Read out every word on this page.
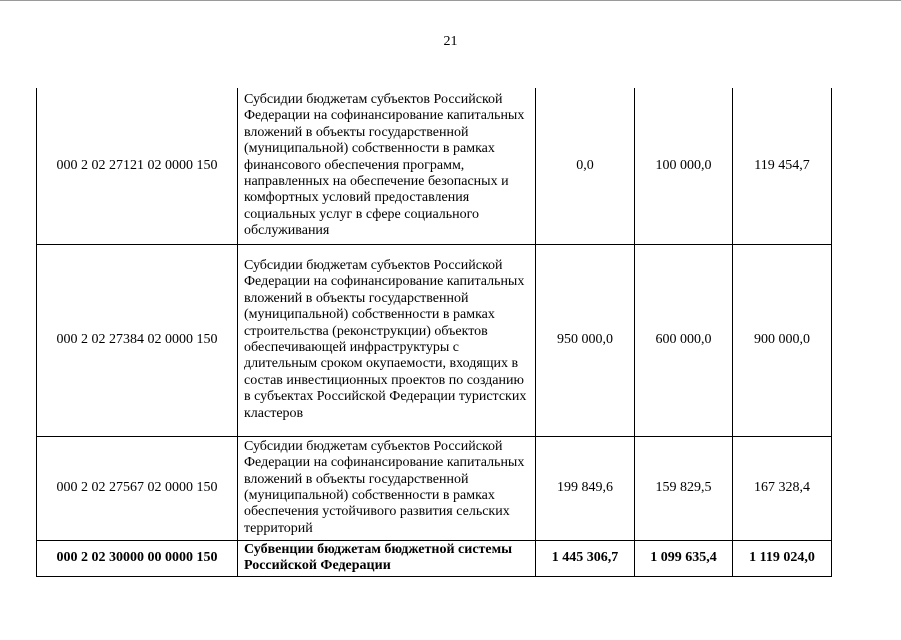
21
000 2 02 27121 02 0000 150	Субсидии бюджетам субъектов Российской Федерации на софинансирование капитальных вложений в объекты государственной (муниципальной) собственности в рамках финансового обеспечения программ, направленных на обеспечение безопасных и комфортных условий предоставления социальных услуг в сфере социального обслуживания	0,0	100 000,0	119 454,7
000 2 02 27384 02 0000 150	Субсидии бюджетам субъектов Российской Федерации на софинансирование капитальных вложений в объекты государственной (муниципальной) собственности в рамках строительства (реконструкции) объектов обеспечивающей инфраструктуры с длительным сроком окупаемости, входящих в состав инвестиционных проектов по созданию в субъектах Российской Федерации туристских кластеров	950 000,0	600 000,0	900 000,0
000 2 02 27567 02 0000 150	Субсидии бюджетам субъектов Российской Федерации на софинансирование капитальных вложений в объекты государственной (муниципальной) собственности в рамках обеспечения устойчивого развития сельских территорий	199 849,6	159 829,5	167 328,4
000 2 02 30000 00 0000 150	Субвенции бюджетам бюджетной системы Российской Федерации	1 445 306,7	1 099 635,4	1 119 024,0
